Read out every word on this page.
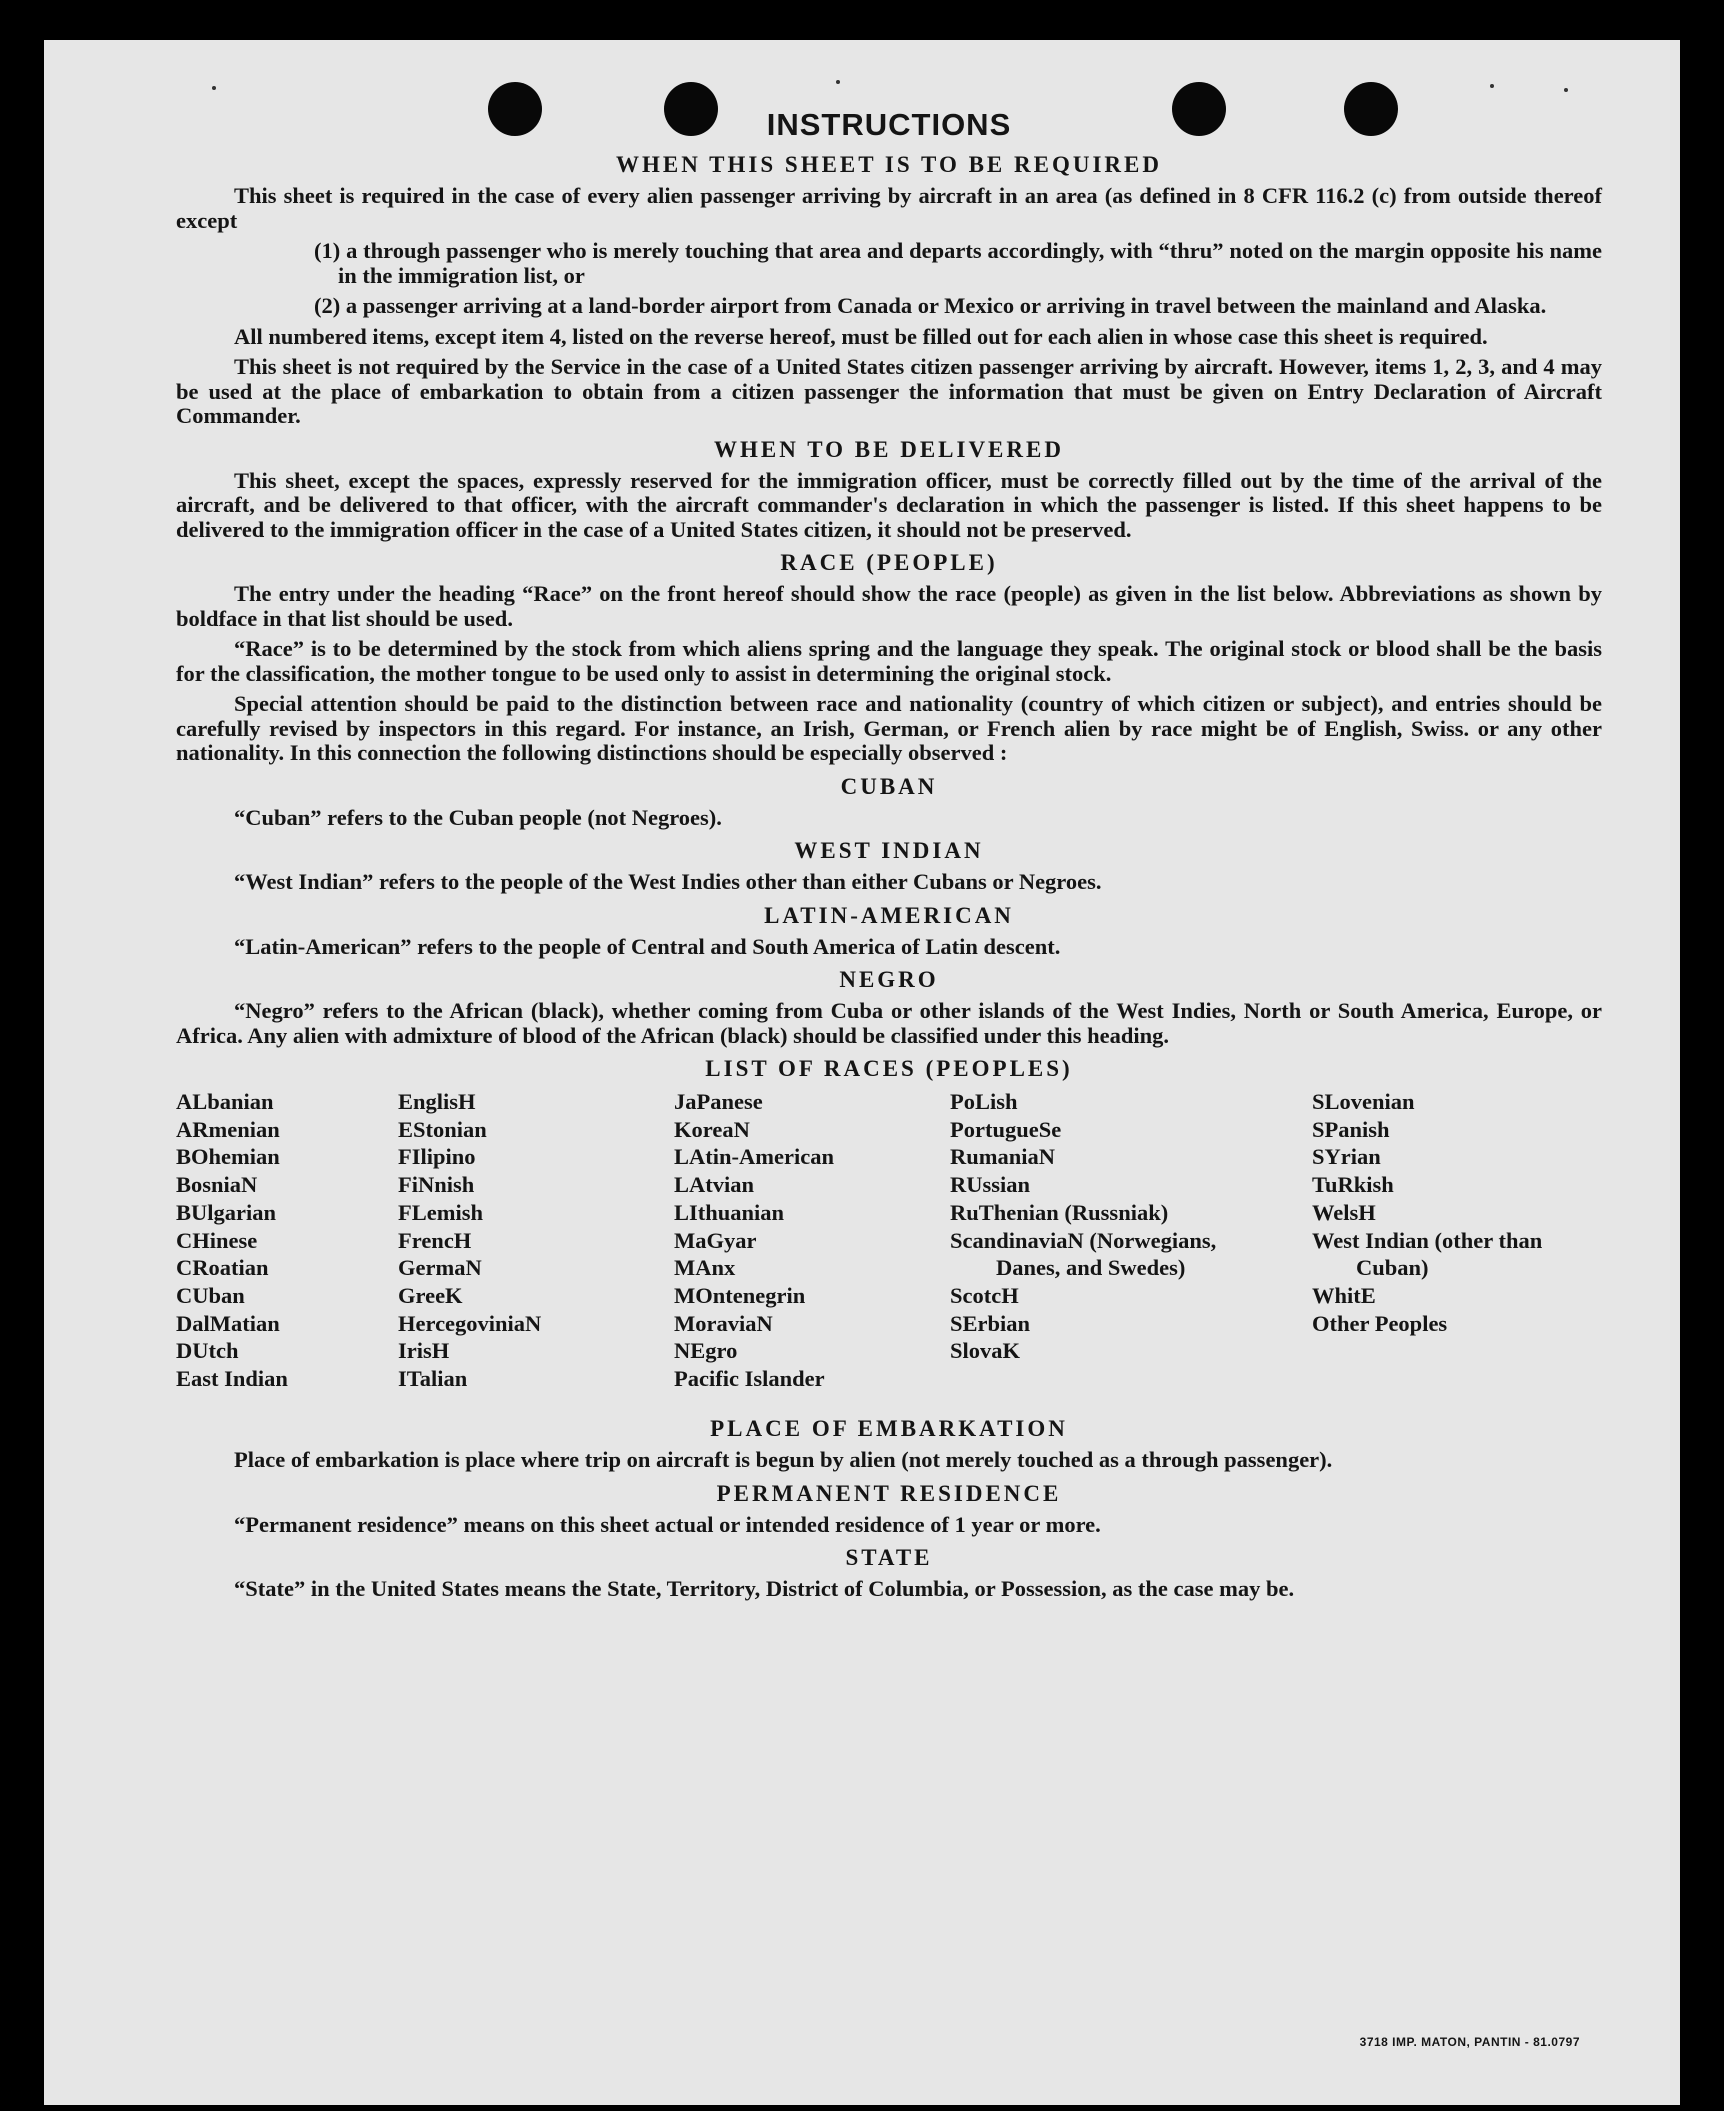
INSTRUCTIONS
WHEN THIS SHEET IS TO BE REQUIRED

This sheet is required in the case of every alien passenger arriving by aircraft in an area (as defined in 8 CFR 116.2 (c) from outside thereof except

(1) a through passenger who is merely touching that area and departs accordingly, with “thru” noted on the margin opposite his name in the immigration list, or

(2) a passenger arriving at a land-border airport from Canada or Mexico or arriving in travel between the mainland and Alaska.

All numbered items, except item 4, listed on the reverse hereof, must be filled out for each alien in whose case this sheet is required.

This sheet is not required by the Service in the case of a United States citizen passenger arriving by aircraft. However, items 1, 2, 3, and 4 may be used at the place of embarkation to obtain from a citizen passenger the information that must be given on Entry Declaration of Aircraft Commander.

WHEN TO BE DELIVERED

This sheet, except the spaces, expressly reserved for the immigration officer, must be correctly filled out by the time of the arrival of the aircraft, and be delivered to that officer, with the aircraft commander's declaration in which the passenger is listed. If this sheet happens to be delivered to the immigration officer in the case of a United States citizen, it should not be preserved.

RACE (PEOPLE)

The entry under the heading “Race” on the front hereof should show the race (people) as given in the list below. Abbreviations as shown by boldface in that list should be used.

“Race” is to be determined by the stock from which aliens spring and the language they speak. The original stock or blood shall be the basis for the classification, the mother tongue to be used only to assist in determining the original stock.

Special attention should be paid to the distinction between race and nationality (country of which citizen or subject), and entries should be carefully revised by inspectors in this regard. For instance, an Irish, German, or French alien by race might be of English, Swiss. or any other nationality. In this connection the following distinctions should be especially observed :

CUBAN

“Cuban” refers to the Cuban people (not Negroes).

WEST INDIAN

“West Indian” refers to the people of the West Indies other than either Cubans or Negroes.

LATIN-AMERICAN

“Latin-American” refers to the people of Central and South America of Latin descent.

NEGRO

“Negro” refers to the African (black), whether coming from Cuba or other islands of the West Indies, North or South America, Europe, or Africa. Any alien with admixture of blood of the African (black) should be classified under this heading.

LIST OF RACES (PEOPLES)
ALbanian
ARmenian
BOhemian
BosniaN
BUlgarian
CHinese
CRoatian
CUban
DalMatian
DUtch
East Indian
EnglisH
EStonian
FIlipino
FiNnish
FLemish
FrencH
GermaN
GreeK
HercegoviniaN
IrisH
ITalian
JaPanese
KoreaN
LAtin-American
LAtvian
LIthuanian
MaGyar
MAnx
MOntenegrin
MoraviaN
NEgro
Pacific Islander
PoLish
PortugueSe
RumaniaN
RUssian
RuThenian (Russniak)
ScandinaviaN (Norwegians, Danes, and Swedes)
ScotcH
SErbian
SlovaK
SLovenian
SPanish
SYrian
TuRkish
WelsH
West Indian (other than Cuban)
WhitE
Other Peoples
PLACE OF EMBARKATION

Place of embarkation is place where trip on aircraft is begun by alien (not merely touched as a through passenger).

PERMANENT RESIDENCE

“Permanent residence” means on this sheet actual or intended residence of 1 year or more.

STATE

“State” in the United States means the State, Territory, District of Columbia, or Possession, as the case may be.

3718 IMP. MATON, PANTIN - 81.0797
